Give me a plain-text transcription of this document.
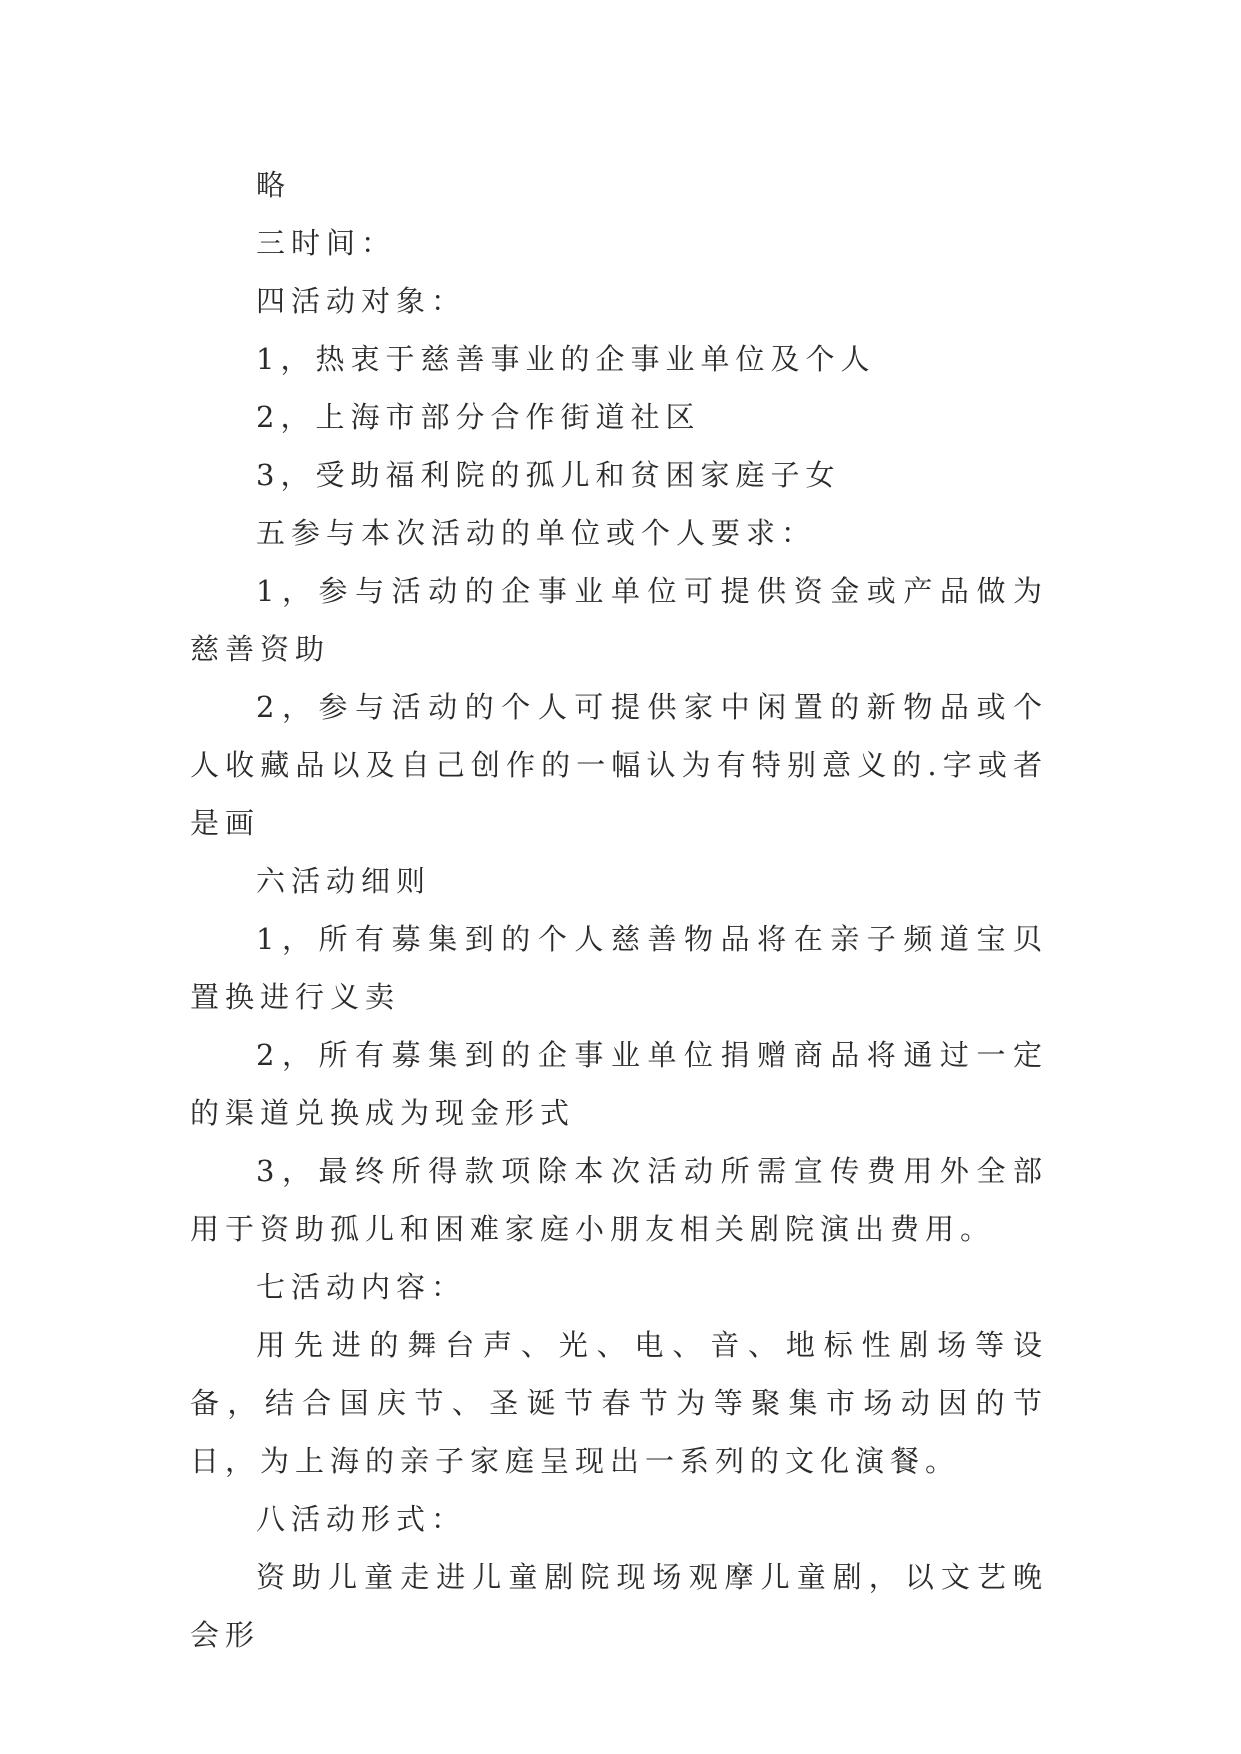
略

三时间：

四活动对象：

1，热衷于慈善事业的企事业单位及个人

2，上海市部分合作街道社区

3，受助福利院的孤儿和贫困家庭子女

五参与本次活动的单位或个人要求：

1，参与活动的企事业单位可提供资金或产品做为慈善资助

2，参与活动的个人可提供家中闲置的新物品或个人收藏品以及自己创作的一幅认为有特别意义的.字或者是画

六活动细则

1，所有募集到的个人慈善物品将在亲子频道宝贝置换进行义卖

2，所有募集到的企事业单位捐赠商品将通过一定的渠道兑换成为现金形式

3，最终所得款项除本次活动所需宣传费用外全部用于资助孤儿和困难家庭小朋友相关剧院演出费用。

七活动内容：

用先进的舞台声、光、电、音、地标性剧场等设备，结合国庆节、圣诞节春节为等聚集市场动因的节日，为上海的亲子家庭呈现出一系列的文化演餐。

八活动形式：

资助儿童走进儿童剧院现场观摩儿童剧，以文艺晚会形
